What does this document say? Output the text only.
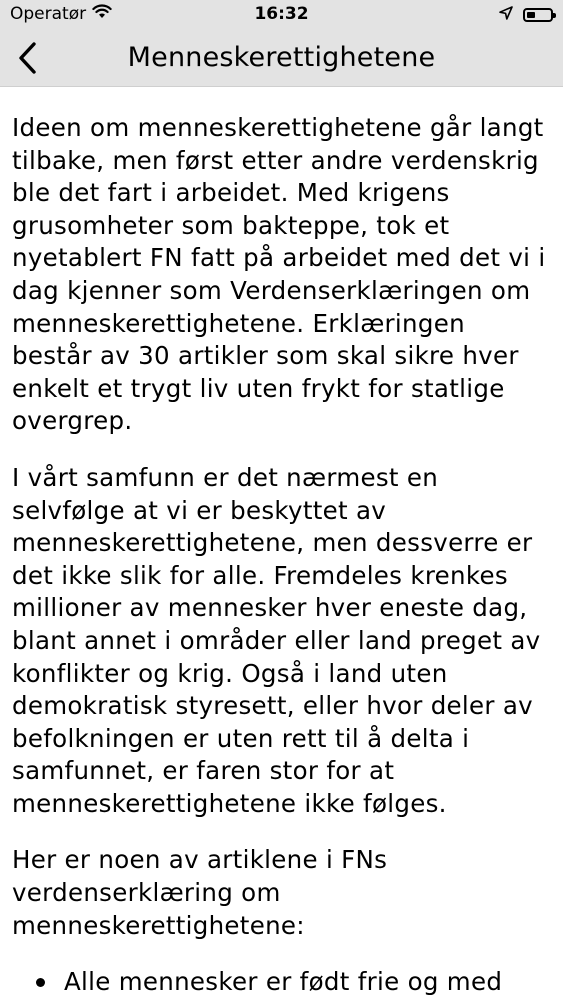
Operatør	16:32
Menneskerettighetene

Ideen om menneskerettighetene går langt tilbake, men først etter andre verdenskrig ble det fart i arbeidet. Med krigens grusomheter som bakteppe, tok et nyetablert FN fatt på arbeidet med det vi i dag kjenner som Verdenserklæringen om menneskerettighetene. Erklæringen består av 30 artikler som skal sikre hver enkelt et trygt liv uten frykt for statlige overgrep.

I vårt samfunn er det nærmest en selvfølge at vi er beskyttet av menneskerettighetene, men dessverre er det ikke slik for alle. Fremdeles krenkes millioner av mennesker hver eneste dag, blant annet i områder eller land preget av konflikter og krig. Også i land uten demokratisk styresett, eller hvor deler av befolkningen er uten rett til å delta i samfunnet, er faren stor for at menneskerettighetene ikke følges.

Her er noen av artiklene i FNs verdenserklæring om menneskerettighetene:

Alle mennesker er født frie og med
